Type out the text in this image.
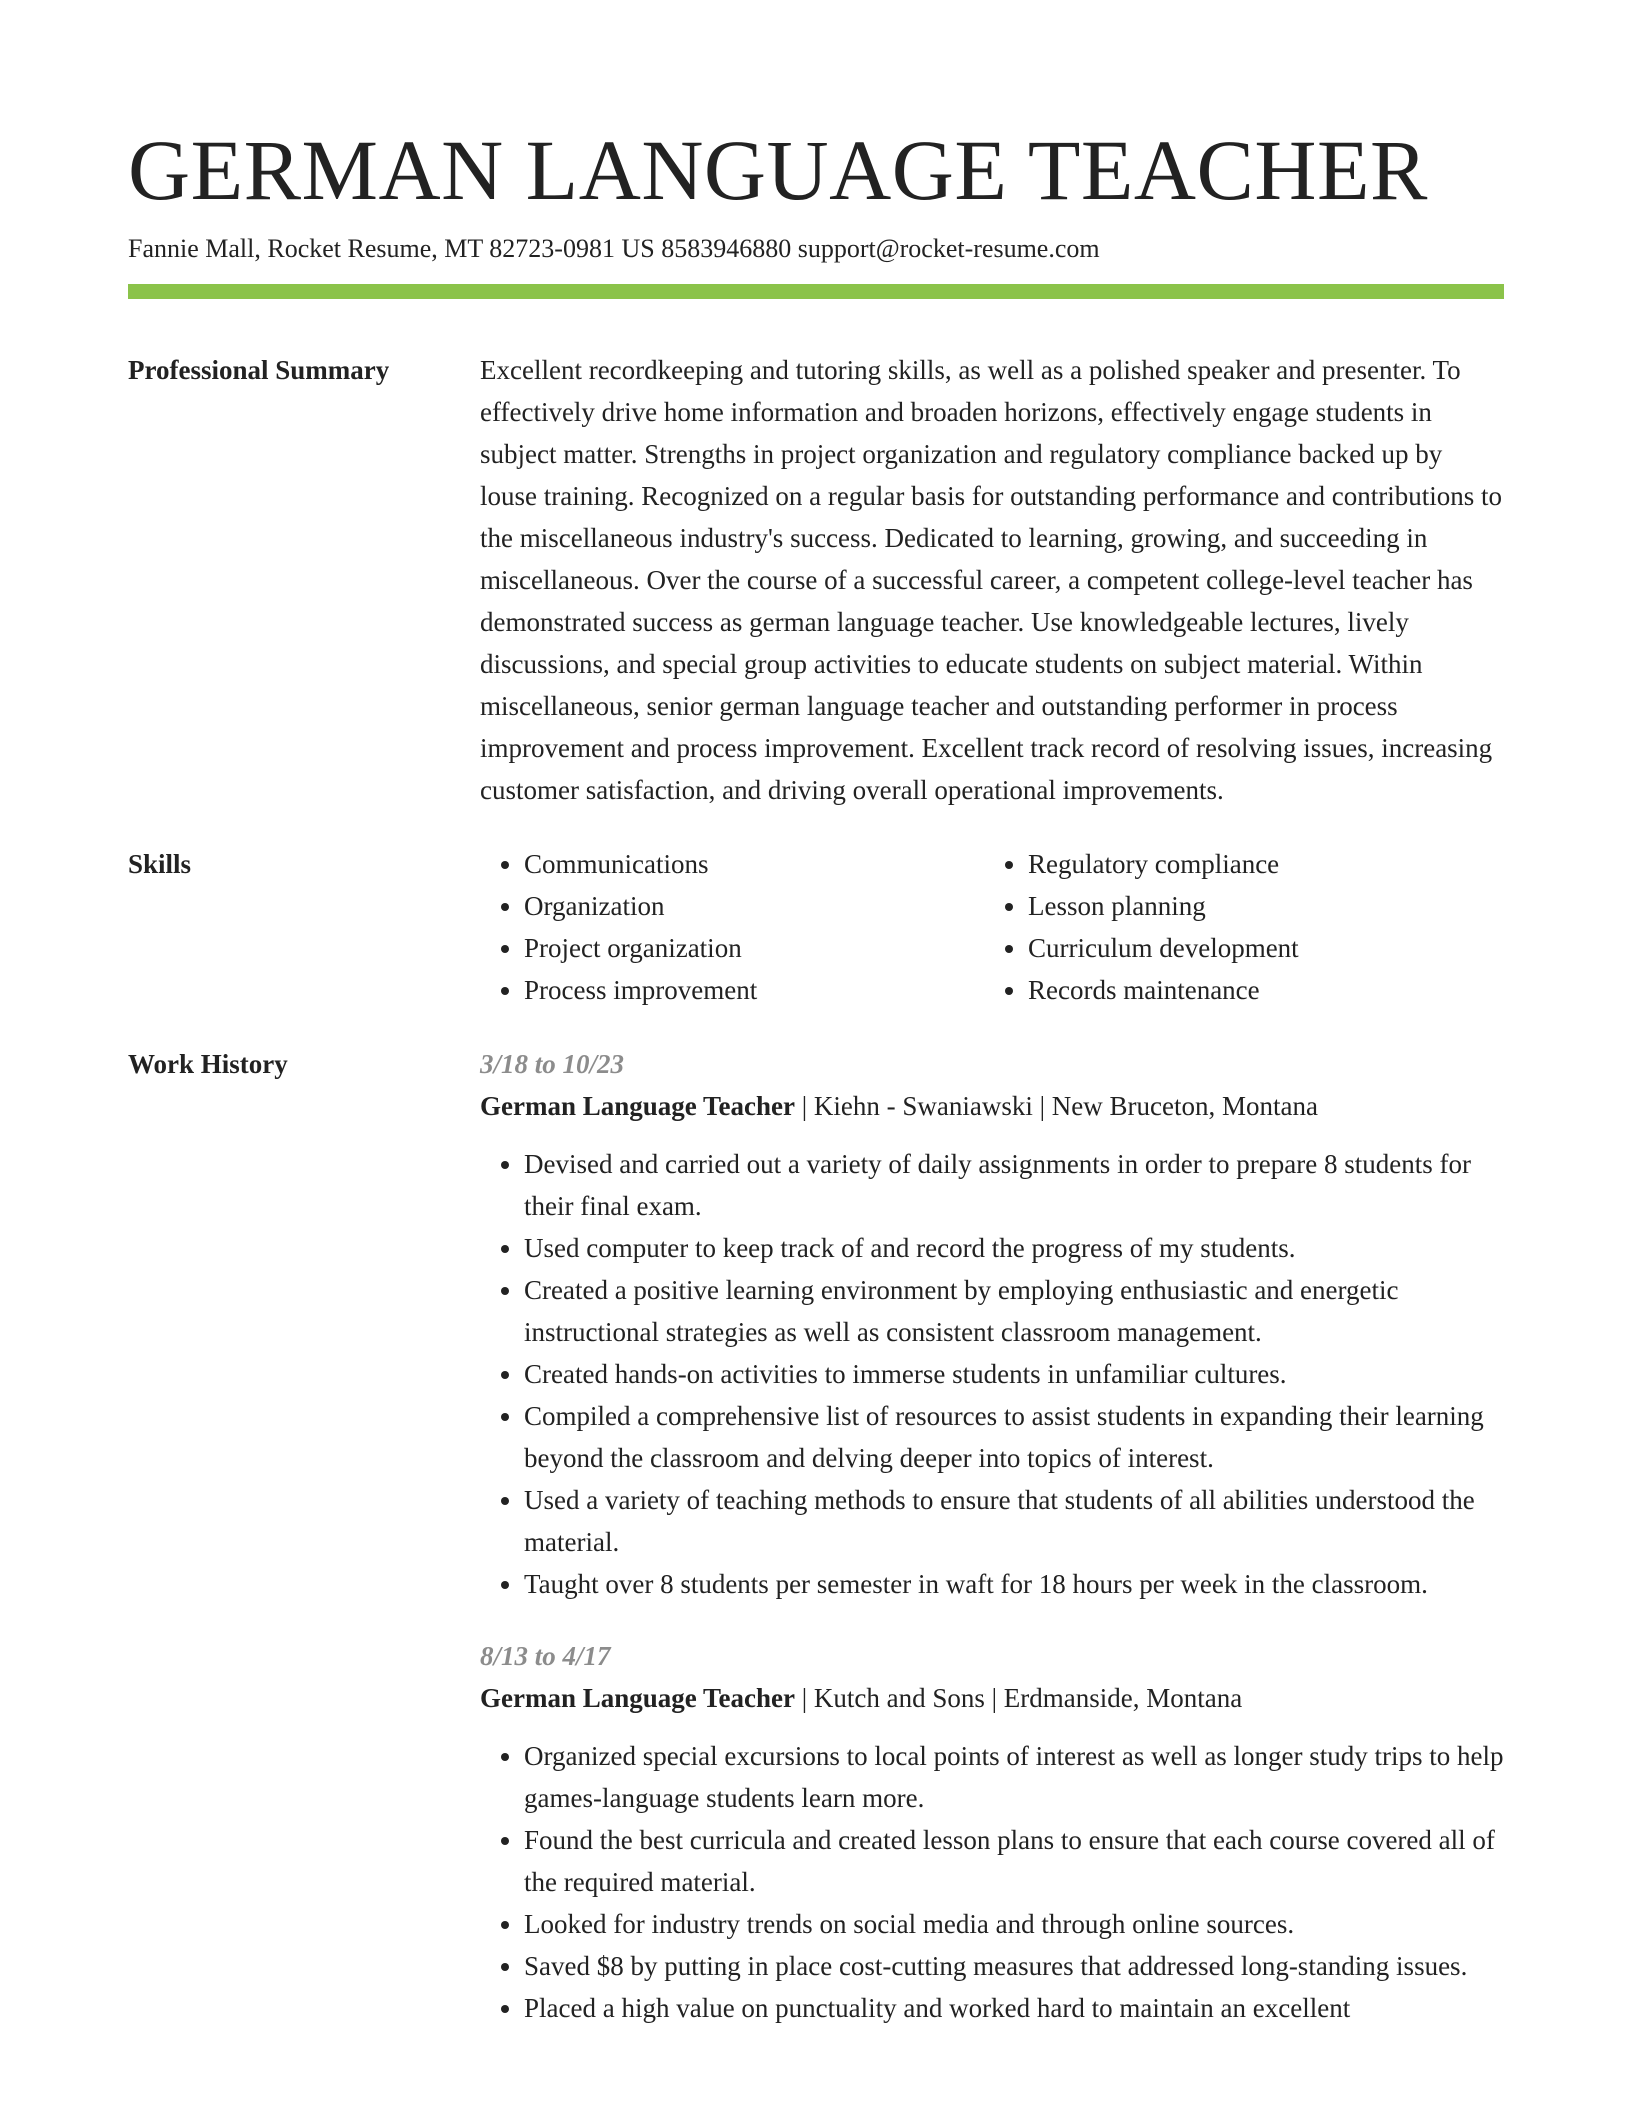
GERMAN LANGUAGE TEACHER
Fannie Mall, Rocket Resume, MT 82723-0981 US 8583946880 support@rocket-resume.com
Professional Summary	Excellent recordkeeping and tutoring skills, as well as a polished speaker and presenter. To effectively drive home information and broaden horizons, effectively engage students in subject matter. Strengths in project organization and regulatory compliance backed up by louse training. Recognized on a regular basis for outstanding performance and contributions to the miscellaneous industry's success. Dedicated to learning, growing, and succeeding in miscellaneous. Over the course of a successful career, a competent college-level teacher has demonstrated success as german language teacher. Use knowledgeable lectures, lively discussions, and special group activities to educate students on subject material. Within miscellaneous, senior german language teacher and outstanding performer in process improvement and process improvement. Excellent track record of resolving issues, increasing customer satisfaction, and driving overall operational improvements.

Skills
•	Communications
• Organization
• Project organization
• Process improvement
• Regulatory compliance
• Lesson planning
• Curriculum development
• Records maintenance
Work History	3/18 to 10/23

German Language Teacher | Kiehn - Swaniawski | New Bruceton, Montana

• Devised and carried out a variety of daily assignments in order to prepare 8 students for their final exam.
• Used computer to keep track of and record the progress of my students.
• Created a positive learning environment by employing enthusiastic and energetic instructional strategies as well as consistent classroom management.
• Created hands-on activities to immerse students in unfamiliar cultures.
• Compiled a comprehensive list of resources to assist students in expanding their learning beyond the classroom and delving deeper into topics of interest.
• Used a variety of teaching methods to ensure that students of all abilities understood the material.
• Taught over 8 students per semester in waft for 18 hours per week in the classroom.

8/13 to 4/17

German Language Teacher | Kutch and Sons | Erdmanside, Montana

• Organized special excursions to local points of interest as well as longer study trips to help games-language students learn more.
• Found the best curricula and created lesson plans to ensure that each course covered all of the required material.
• Looked for industry trends on social media and through online sources.
• Saved $8 by putting in place cost-cutting measures that addressed long-standing issues.
• Placed a high value on punctuality and worked hard to maintain an excellent
